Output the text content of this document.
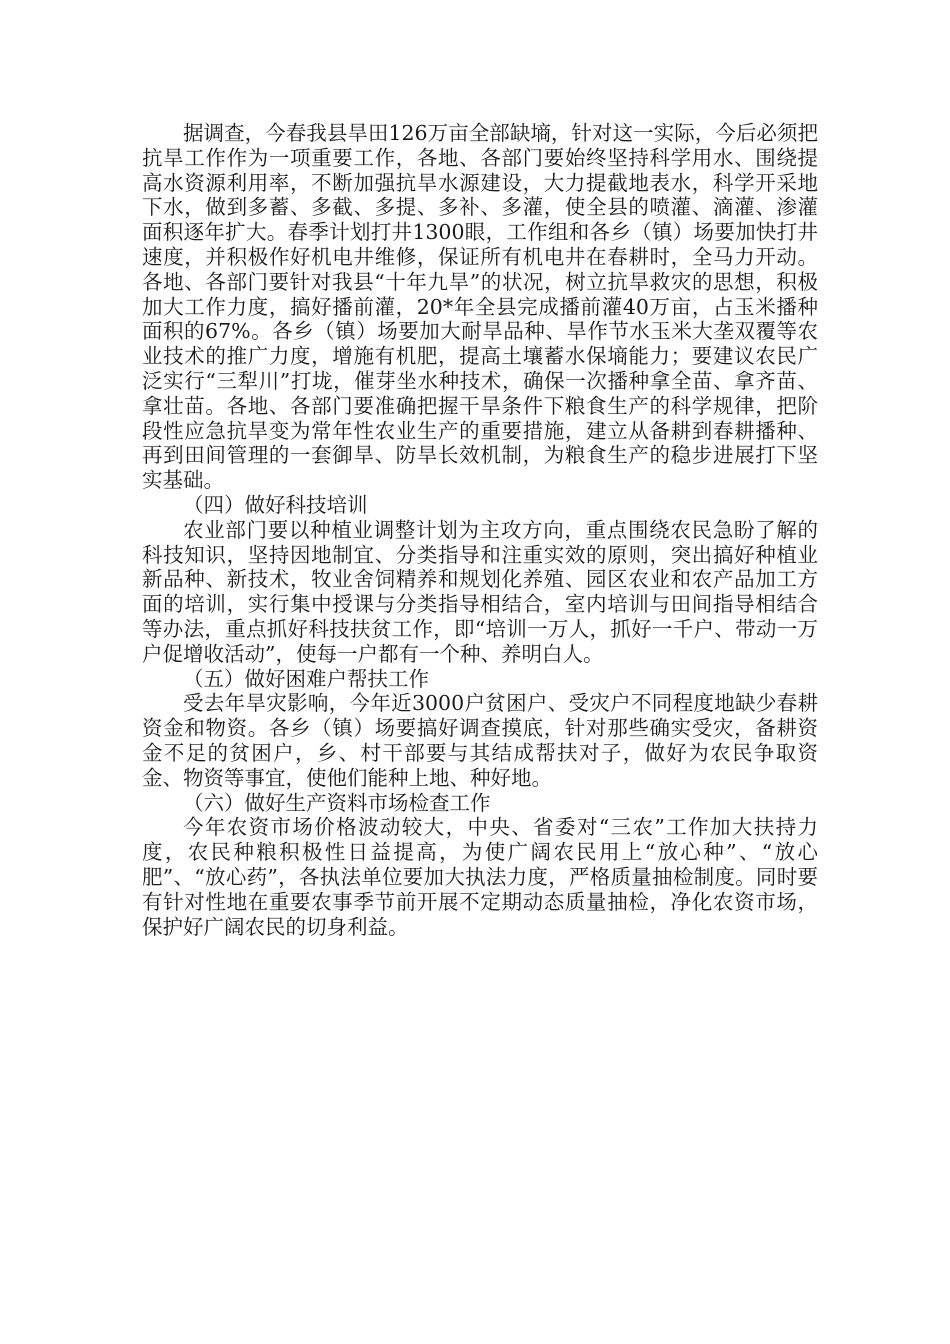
据调查，今春我县旱田126万亩全部缺墒，针对这一实际，今后必须把抗旱工作作为一项重要工作，各地、各部门要始终坚持科学用水、围绕提高水资源利用率，不断加强抗旱水源建设，大力提截地表水，科学开采地下水，做到多蓄、多截、多提、多补、多灌，使全县的喷灌、滴灌、渗灌面积逐年扩大。春季计划打井1300眼，工作组和各乡（镇）场要加快打井速度，并积极作好机电井维修，保证所有机电井在春耕时，全马力开动。各地、各部门要针对我县“十年九旱”的状况，树立抗旱救灾的思想，积极加大工作力度，搞好播前灌，20*年全县完成播前灌40万亩，占玉米播种面积的67%。各乡（镇）场要加大耐旱品种、旱作节水玉米大垄双覆等农业技术的推广力度，增施有机肥，提高土壤蓄水保墒能力；要建议农民广泛实行“三犁川”打垅，催芽坐水种技术，确保一次播种拿全苗、拿齐苗、拿壮苗。各地、各部门要准确把握干旱条件下粮食生产的科学规律，把阶段性应急抗旱变为常年性农业生产的重要措施，建立从备耕到春耕播种、再到田间管理的一套御旱、防旱长效机制，为粮食生产的稳步进展打下坚实基础。

（四）做好科技培训

农业部门要以种植业调整计划为主攻方向，重点围绕农民急盼了解的科技知识，坚持因地制宜、分类指导和注重实效的原则，突出搞好种植业新品种、新技术，牧业舍饲精养和规划化养殖、园区农业和农产品加工方面的培训，实行集中授课与分类指导相结合，室内培训与田间指导相结合等办法，重点抓好科技扶贫工作，即“培训一万人，抓好一千户、带动一万户促增收活动”，使每一户都有一个种、养明白人。

（五）做好困难户帮扶工作

受去年旱灾影响，今年近3000户贫困户、受灾户不同程度地缺少春耕资金和物资。各乡（镇）场要搞好调查摸底，针对那些确实受灾，备耕资金不足的贫困户，乡、村干部要与其结成帮扶对子，做好为农民争取资金、物资等事宜，使他们能种上地、种好地。

（六）做好生产资料市场检查工作

今年农资市场价格波动较大，中央、省委对“三农”工作加大扶持力度，农民种粮积极性日益提高，为使广阔农民用上“放心种”、“放心肥”、“放心药”，各执法单位要加大执法力度，严格质量抽检制度。同时要有针对性地在重要农事季节前开展不定期动态质量抽检，净化农资市场，保护好广阔农民的切身利益。
